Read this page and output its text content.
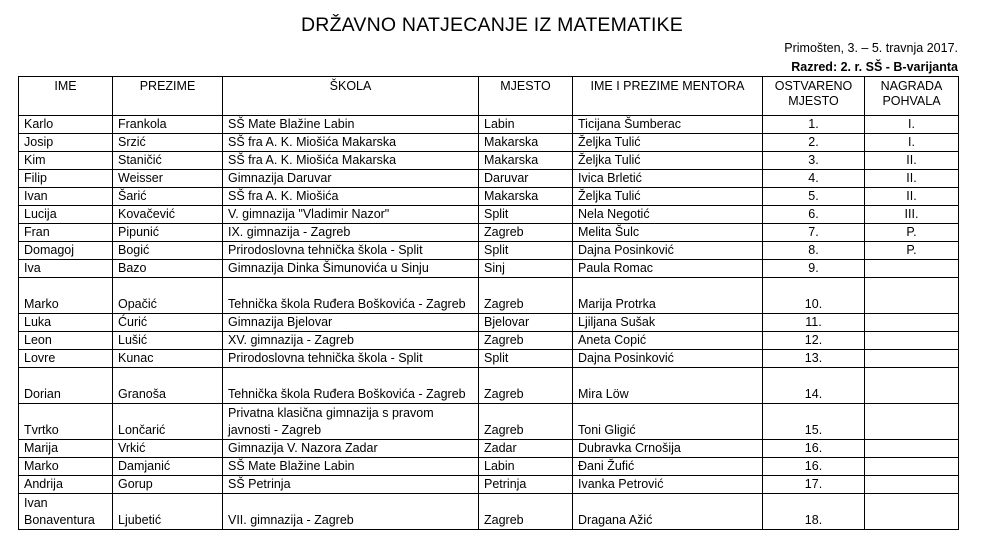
DRŽAVNO NATJECANJE IZ MATEMATIKE
Primošten, 3. – 5. travnja 2017.
Razred: 2. r. SŠ - B-varijanta
IME	PREZIME	ŠKOLA	MJESTO	IME I PREZIME MENTORA	OSTVARENO MJESTO	NAGRADA POHVALA
Karlo	Frankola	SŠ Mate Blažine Labin	Labin	Ticijana Šumberac	1.	I.
Josip	Srzić	SŠ fra A. K. Miošića Makarska	Makarska	Željka Tulić	2.	I.
Kim	Staničić	SŠ fra A. K. Miošića Makarska	Makarska	Željka Tulić	3.	II.
Filip	Weisser	Gimnazija Daruvar	Daruvar	Ivica Brletić	4.	II.
Ivan	Šarić	SŠ fra A. K. Miošića	Makarska	Željka Tulić	5.	II.
Lucija	Kovačević	V. gimnazija "Vladimir Nazor"	Split	Nela Negotić	6.	III.
Fran	Pipunić	IX. gimnazija - Zagreb	Zagreb	Melita Šulc	7.	P.
Domagoj	Bogić	Prirodoslovna tehnička škola - Split	Split	Dajna Posinković	8.	P.
Iva	Bazo	Gimnazija Dinka Šimunovića u Sinju	Sinj	Paula Romac	9.	
Marko	Opačić	Tehnička škola Ruđera Boškovića - Zagreb	Zagreb	Marija Protrka	10.	
Luka	Ćurić	Gimnazija Bjelovar	Bjelovar	Ljiljana Sušak	11.	
Leon	Lušić	XV. gimnazija - Zagreb	Zagreb	Aneta Copić	12.	
Lovre	Kunac	Prirodoslovna tehnička škola - Split	Split	Dajna Posinković	13.	
Dorian	Granoša	Tehnička škola Ruđera Boškovića - Zagreb	Zagreb	Mira Löw	14.	
Tvrtko	Lončarić	Privatna klasična gimnazija s pravom javnosti - Zagreb	Zagreb	Toni Gligić	15.	
Marija	Vrkić	Gimnazija V. Nazora Zadar	Zadar	Dubravka Crnošija	16.	
Marko	Damjanić	SŠ Mate Blažine Labin	Labin	Đani Žufić	16.	
Andrija	Gorup	SŠ Petrinja	Petrinja	Ivanka Petrović	17.	
Ivan Bonaventura	Ljubetić	VII. gimnazija - Zagreb	Zagreb	Dragana Ažić	18.	
